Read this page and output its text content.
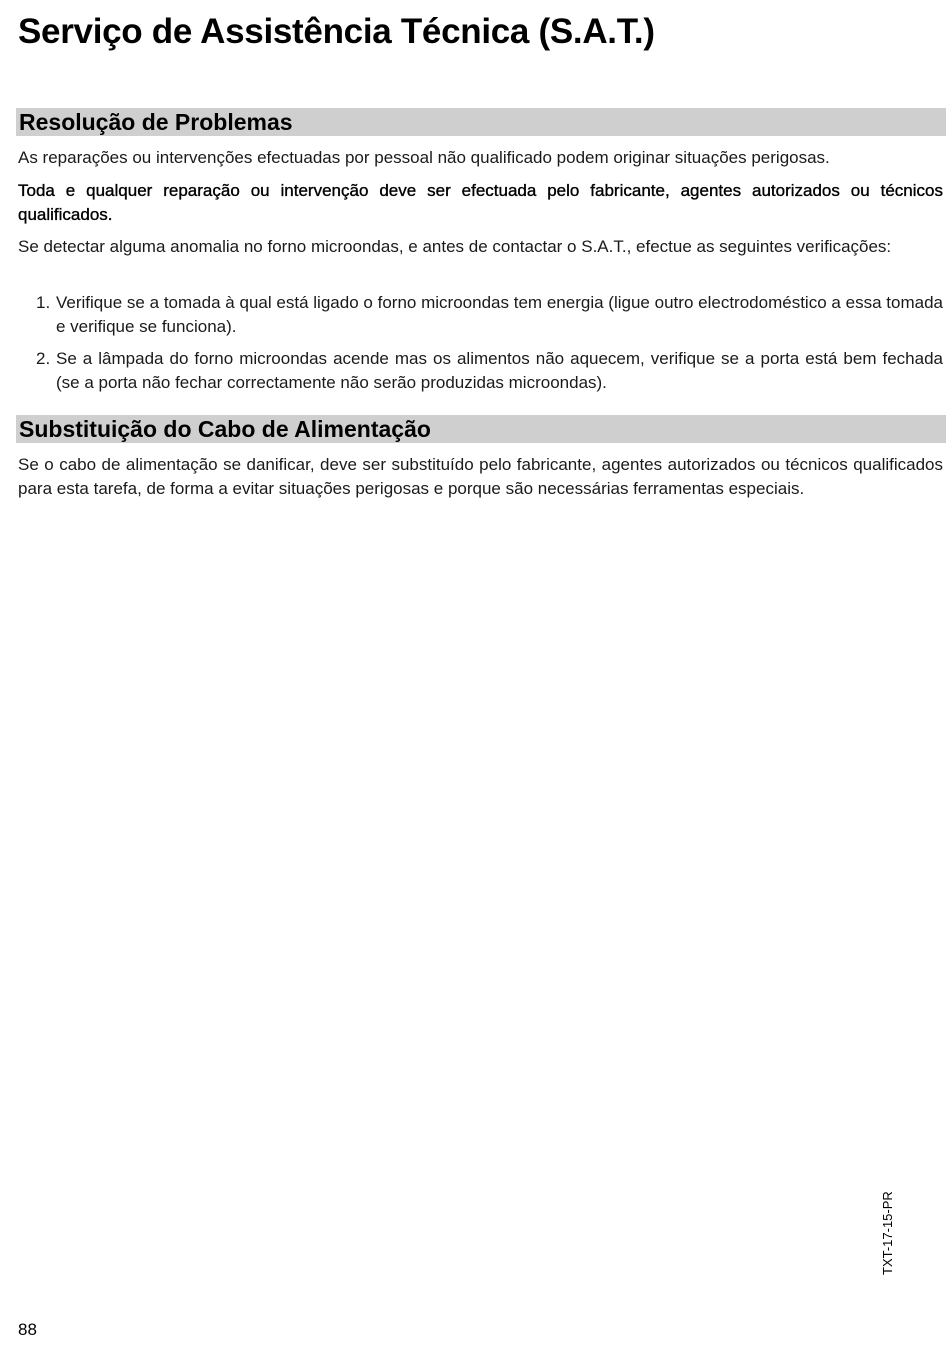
Serviço de Assistência Técnica (S.A.T.)
Resolução de Problemas

As reparações ou intervenções efectuadas por pessoal não qualificado podem originar situações perigosas.

Toda e qualquer reparação ou intervenção deve ser efectuada pelo fabricante, agentes autorizados ou técnicos qualificados.

Se detectar alguma anomalia no forno microondas, e antes de contactar o S.A.T., efectue as seguintes verificações:

1. Verifique se a tomada à qual está ligado o forno microondas tem energia (ligue outro electrodoméstico a essa tomada e verifique se funciona).
2. Se a lâmpada do forno microondas acende mas os alimentos não aquecem, verifique se a porta está bem fechada (se a porta não fechar correctamente não serão produzidas microondas).
Substituição do Cabo de Alimentação

Se o cabo de alimentação se danificar, deve ser substituído pelo fabricante, agentes autorizados ou técnicos qualificados para esta tarefa, de forma a evitar situações perigosas e porque são necessárias ferramentas especiais.

TXT-17-15-PR
88
